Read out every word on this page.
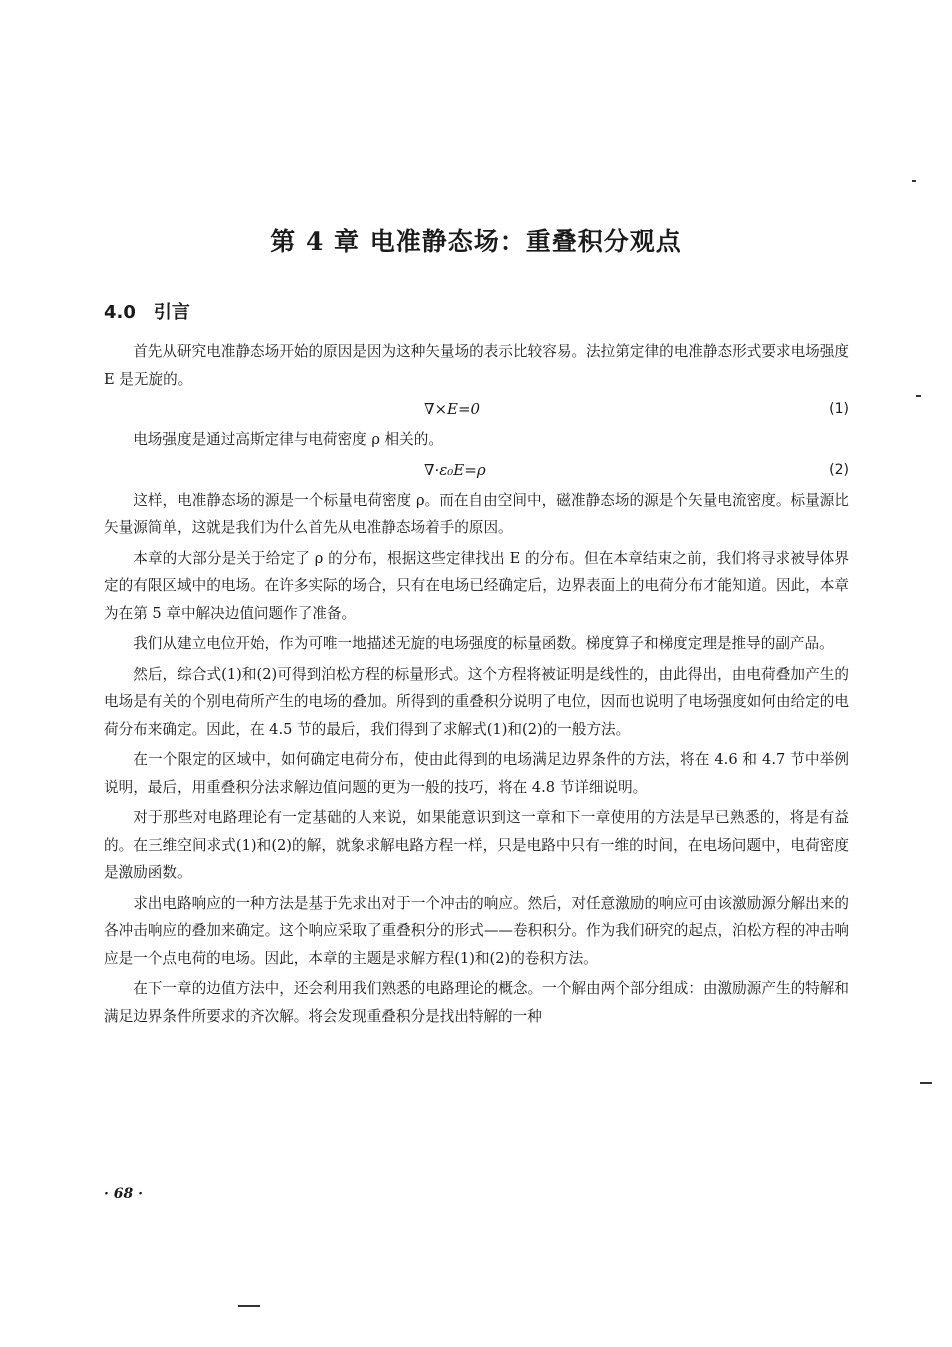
第 4 章 电准静态场：重叠积分观点
4.0 引言

首先从研究电准静态场开始的原因是因为这种矢量场的表示比较容易。法拉第定律的电准静态形式要求电场强度 E 是无旋的。

∇×E=0	(1)

电场强度是通过高斯定律与电荷密度 ρ 相关的。

∇·ε₀E=ρ	(2)

这样，电准静态场的源是一个标量电荷密度 ρ。而在自由空间中，磁准静态场的源是个矢量电流密度。标量源比矢量源简单，这就是我们为什么首先从电准静态场着手的原因。

本章的大部分是关于给定了 ρ 的分布，根据这些定律找出 E 的分布。但在本章结束之前，我们将寻求被导体界定的有限区域中的电场。在许多实际的场合，只有在电场已经确定后，边界表面上的电荷分布才能知道。因此，本章为在第 5 章中解决边值问题作了准备。

我们从建立电位开始，作为可唯一地描述无旋的电场强度的标量函数。梯度算子和梯度定理是推导的副产品。

然后，综合式(1)和(2)可得到泊松方程的标量形式。这个方程将被证明是线性的，由此得出，由电荷叠加产生的电场是有关的个别电荷所产生的电场的叠加。所得到的重叠积分说明了电位，因而也说明了电场强度如何由给定的电荷分布来确定。因此，在 4.5 节的最后，我们得到了求解式(1)和(2)的一般方法。

在一个限定的区域中，如何确定电荷分布，使由此得到的电场满足边界条件的方法，将在 4.6 和 4.7 节中举例说明，最后，用重叠积分法求解边值问题的更为一般的技巧，将在 4.8 节详细说明。

对于那些对电路理论有一定基础的人来说，如果能意识到这一章和下一章使用的方法是早已熟悉的，将是有益的。在三维空间求式(1)和(2)的解，就象求解电路方程一样，只是电路中只有一维的时间，在电场问题中，电荷密度是激励函数。

求出电路响应的一种方法是基于先求出对于一个冲击的响应。然后，对任意激励的响应可由该激励源分解出来的各冲击响应的叠加来确定。这个响应采取了重叠积分的形式——卷积积分。作为我们研究的起点，泊松方程的冲击响应是一个点电荷的电场。因此，本章的主题是求解方程(1)和(2)的卷积方法。

在下一章的边值方法中，还会利用我们熟悉的电路理论的概念。一个解由两个部分组成：由激励源产生的特解和满足边界条件所要求的齐次解。将会发现重叠积分是找出特解的一种

· 68 ·
